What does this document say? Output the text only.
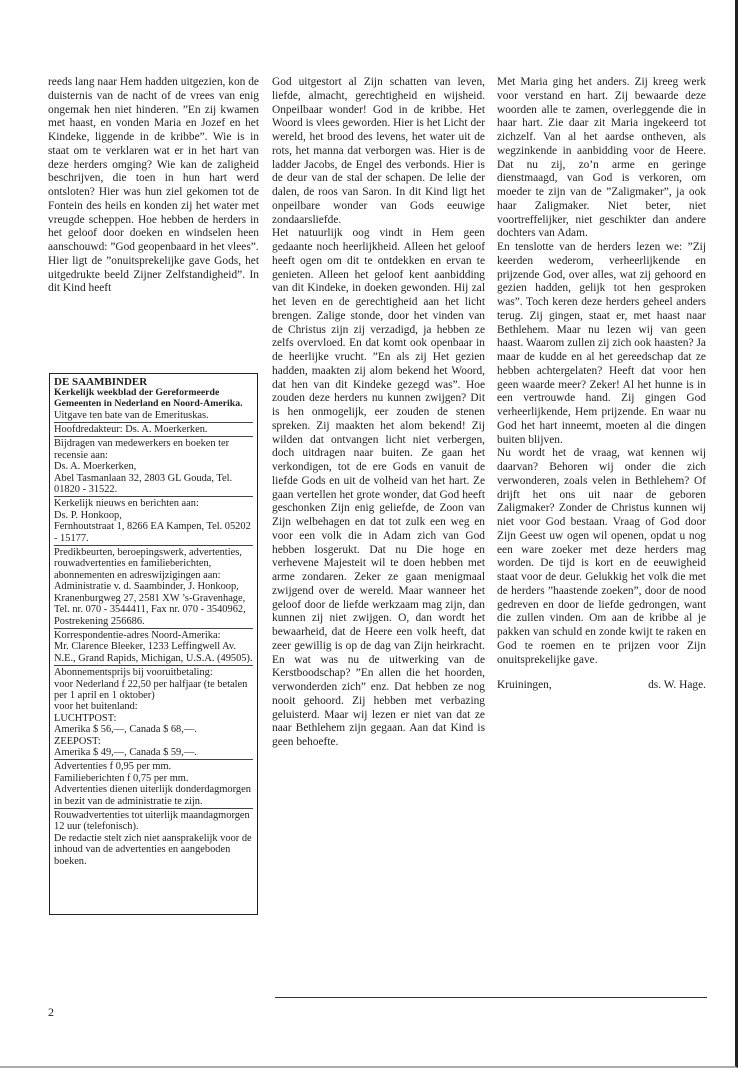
reeds lang naar Hem hadden uitgezien, kon de duisternis van de nacht of de vrees van enig ongemak hen niet hinderen. ”En zij kwamen met haast, en vonden Maria en Jozef en het Kindeke, liggende in de kribbe”. Wie is in staat om te verklaren wat er in het hart van deze herders omging? Wie kan de zaligheid beschrijven, die toen in hun hart werd ontsloten? Hier was hun ziel gekomen tot de Fontein des heils en konden zij het water met vreugde scheppen. Hoe hebben de herders in het geloof door doeken en windselen heen aanschouwd: ”God geopenbaard in het vlees”.

Hier ligt de ”onuitsprekelijke gave Gods, het uitgedrukte beeld Zijner Zelfstandigheid”. In dit Kind heeft

DE SAAMBINDER

Kerkelijk weekblad der Gereformeerde Gemeenten in Nederland en Noord-Amerika.

Uitgave ten bate van de Emerituskas.

Hoofdredakteur: Ds. A. Moerkerken.

Bijdragen van medewerkers en boeken ter recensie aan:

Ds. A. Moerkerken,

Abel Tasmanlaan 32, 2803 GL Gouda, Tel. 01820 - 31522.

Kerkelijk nieuws en berichten aan:

Ds. P. Honkoop,

Fernhoutstraat 1, 8266 EA Kampen, Tel. 05202 - 15177.

Predikbeurten, beroepingswerk, advertenties, rouwadvertenties en familieberichten, abonnementen en adreswijzigingen aan:

Administratie v. d. Saambinder, J. Honkoop, Kranenburgweg 27, 2581 XW ’s-Gravenhage, Tel. nr. 070 - 3544411, Fax nr. 070 - 3540962, Postrekening 256686.

Korrespondentie-adres Noord-Amerika:

Mr. Clarence Bleeker, 1233 Leffingwell Av. N.E., Grand Rapids, Michigan, U.S.A. (49505).

Abonnementsprijs bij vooruitbetaling:

voor Nederland f 22,50 per halfjaar (te betalen per 1 april en 1 oktober)

voor het buitenland:

LUCHTPOST:

Amerika $ 56,—, Canada $ 68,—.

ZEEPOST:

Amerika $ 49,—, Canada $ 59,—.

Advertenties f 0,95 per mm.

Familieberichten f 0,75 per mm.

Advertenties dienen uiterlijk donderdagmorgen in bezit van de administratie te zijn.

Rouwadvertenties tot uiterlijk maandagmorgen 12 uur (telefonisch).

De redactie stelt zich niet aansprakelijk voor de inhoud van de advertenties en aangeboden boeken.

God uitgestort al Zijn schatten van leven, liefde, almacht, gerechtigheid en wijsheid. Onpeilbaar wonder! God in de kribbe. Het Woord is vlees geworden. Hier is het Licht der wereld, het brood des levens, het water uit de rots, het manna dat verborgen was. Hier is de ladder Jacobs, de Engel des verbonds. Hier is de deur van de stal der schapen. De lelie der dalen, de roos van Saron. In dit Kind ligt het onpeilbare wonder van Gods eeuwige zondaarsliefde.

Het natuurlijk oog vindt in Hem geen gedaante noch heerlijkheid. Alleen het geloof heeft ogen om dit te ontdekken en ervan te genieten. Alleen het geloof kent aanbidding van dit Kindeke, in doeken gewonden. Hij zal het leven en de gerechtigheid aan het licht brengen. Zalige stonde, door het vinden van de Christus zijn zij verzadigd, ja hebben ze zelfs overvloed. En dat komt ook openbaar in de heerlijke vrucht. ”En als zij Het gezien hadden, maakten zij alom bekend het Woord, dat hen van dit Kindeke gezegd was”. Hoe zouden deze herders nu kunnen zwijgen? Dit is hen onmogelijk, eer zouden de stenen spreken. Zij maakten het alom bekend! Zij wilden dat ontvangen licht niet verbergen, doch uitdragen naar buiten. Ze gaan het verkondigen, tot de ere Gods en vanuit de liefde Gods en uit de volheid van het hart. Ze gaan vertellen het grote wonder, dat God heeft geschonken Zijn enig geliefde, de Zoon van Zijn welbehagen en dat tot zulk een weg en voor een volk die in Adam zich van God hebben losgerukt. Dat nu Die hoge en verhevene Majesteit wil te doen hebben met arme zondaren. Zeker ze gaan menigmaal zwijgend over de wereld. Maar wanneer het geloof door de liefde werkzaam mag zijn, dan kunnen zij niet zwijgen. O, dan wordt het bewaarheid, dat de Heere een volk heeft, dat zeer gewillig is op de dag van Zijn heirkracht. En wat was nu de uitwerking van de Kerstboodschap? ”En allen die het hoorden, verwonderden zich” enz. Dat hebben ze nog nooit gehoord. Zij hebben met verbazing geluisterd. Maar wij lezen er niet van dat ze naar Bethlehem zijn gegaan. Aan dat Kind is geen behoefte.

Met Maria ging het anders. Zij kreeg werk voor verstand en hart. Zij bewaarde deze woorden alle te zamen, overleggende die in haar hart. Zie daar zit Maria ingekeerd tot zichzelf. Van al het aardse ontheven, als wegzinkende in aanbidding voor de Heere. Dat nu zij, zo’n arme en geringe dienstmaagd, van God is verkoren, om moeder te zijn van de ”Zaligmaker”, ja ook haar Zaligmaker. Niet beter, niet voortreffelijker, niet geschikter dan andere dochters van Adam.

En tenslotte van de herders lezen we: ”Zij keerden wederom, verheerlijkende en prijzende God, over alles, wat zij gehoord en gezien hadden, gelijk tot hen gesproken was”. Toch keren deze herders geheel anders terug. Zij gingen, staat er, met haast naar Bethlehem. Maar nu lezen wij van geen haast. Waarom zullen zij zich ook haasten? Ja maar de kudde en al het gereedschap dat ze hebben achtergelaten? Heeft dat voor hen geen waarde meer? Zeker! Al het hunne is in een vertrouwde hand. Zij gingen God verheerlijkende, Hem prijzende. En waar nu God het hart inneemt, moeten al die dingen buiten blijven.

Nu wordt het de vraag, wat kennen wij daarvan? Behoren wij onder die zich verwonderen, zoals velen in Bethlehem? Of drijft het ons uit naar de geboren Zaligmaker? Zonder de Christus kunnen wij niet voor God bestaan. Vraag of God door Zijn Geest uw ogen wil openen, opdat u nog een ware zoeker met deze herders mag worden. De tijd is kort en de eeuwigheid staat voor de deur. Gelukkig het volk die met de herders ”haastende zoeken”, door de nood gedreven en door de liefde gedrongen, want die zullen vinden. Om aan de kribbe al je pakken van schuld en zonde kwijt te raken en God te roemen en te prijzen voor Zijn onuitsprekelijke gave.

Kruiningen,	ds. W. Hage.
2
